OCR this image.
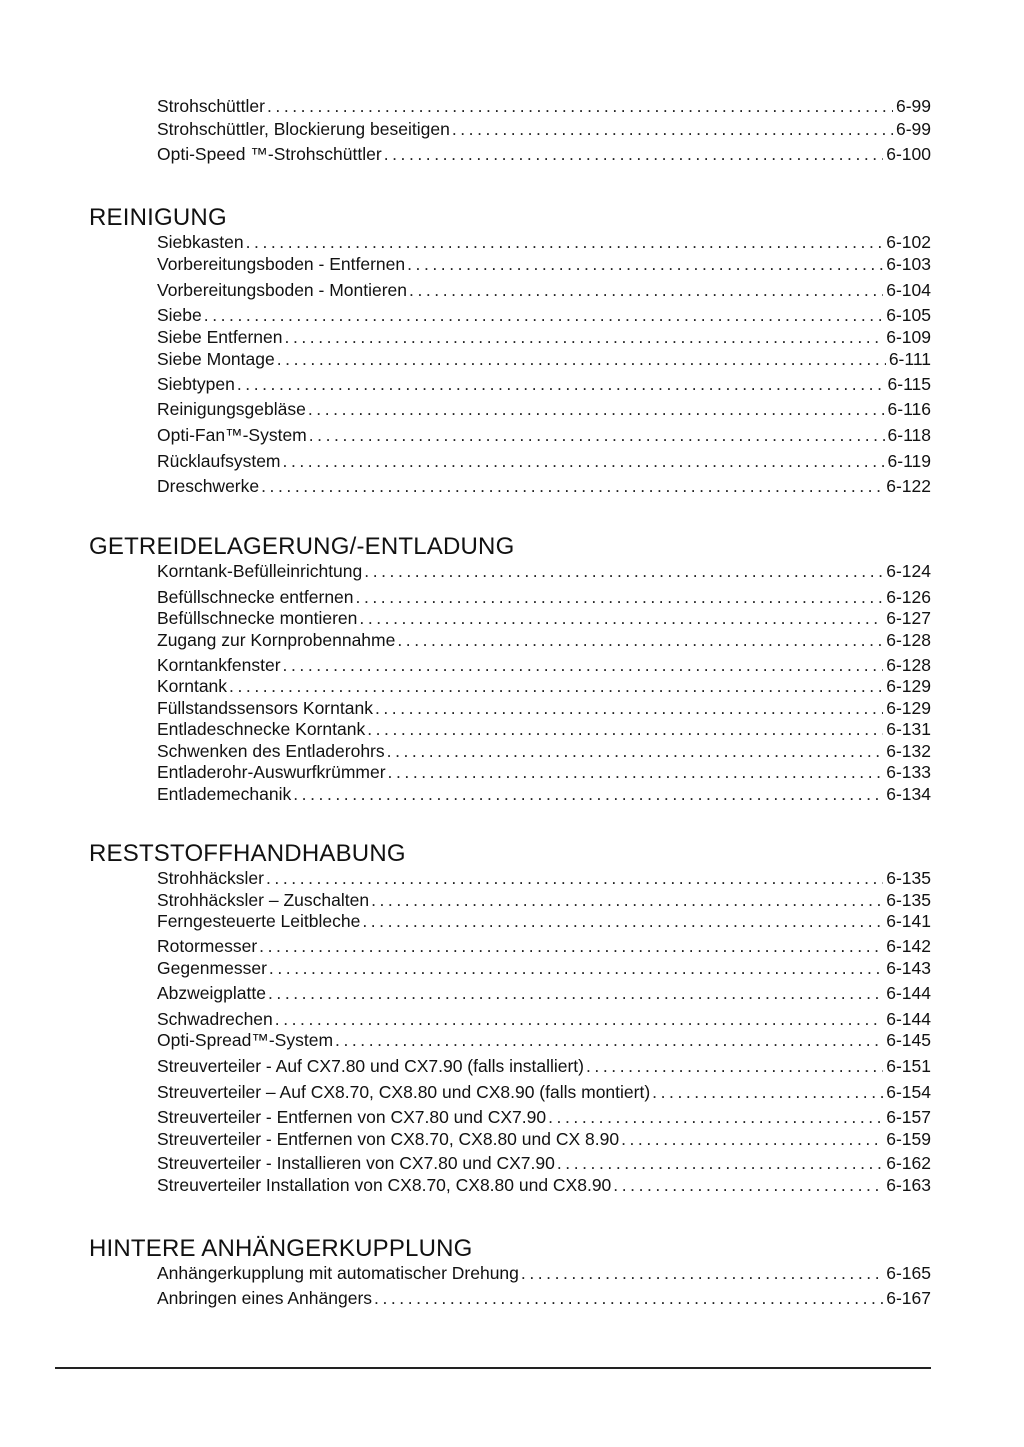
Strohschüttler . . .	6-99
Strohschüttler, Blockierung beseitigen . . .	6-99
Opti-Speed ™-Strohschüttler . . .	6-100
REINIGUNG
Siebkasten . . .	6-102
Vorbereitungsboden - Entfernen . . .	6-103
Vorbereitungsboden - Montieren . . .	6-104
Siebe . . .	6-105
Siebe Entfernen . . .	6-109
Siebe Montage . . .	6-111
Siebtypen . . .	6-115
Reinigungsgebläse . . .	6-116
Opti-Fan™-System . . .	6-118
Rücklaufsystem . . .	6-119
Dreschwerke . . .	6-122
GETREIDELAGERUNG/-ENTLADUNG
Korntank-Befülleinrichtung . . .	6-124
Befüllschnecke entfernen . . .	6-126
Befüllschnecke montieren . . .	6-127
Zugang zur Kornprobennahme . . .	6-128
Korntankfenster . . .	6-128
Korntank . . .	6-129
Füllstandssensors Korntank . . .	6-129
Entladeschnecke Korntank . . .	6-131
Schwenken des Entladerohrs . . .	6-132
Entladerohr-Auswurfkrümmer . . .	6-133
Entlademechanik . . .	6-134
RESTSTOFFHANDHABUNG
Strohhäcksler . . .	6-135
Strohhäcksler – Zuschalten . . .	6-135
Ferngesteuerte Leitbleche . . .	6-141
Rotormesser . . .	6-142
Gegenmesser . . .	6-143
Abzweigplatte . . .	6-144
Schwadrechen . . .	6-144
Opti-Spread™-System . . .	6-145
Streuverteiler - Auf CX7.80 und CX7.90 (falls installiert) . . .	6-151
Streuverteiler – Auf CX8.70, CX8.80 und CX8.90 (falls montiert) . . .	6-154
Streuverteiler - Entfernen von CX7.80 und CX7.90 . . .	6-157
Streuverteiler - Entfernen von CX8.70, CX8.80 und CX 8.90 . . .	6-159
Streuverteiler - Installieren von CX7.80 und CX7.90 . . .	6-162
Streuverteiler Installation von CX8.70, CX8.80 und CX8.90 . . .	6-163
HINTERE ANHÄNGERKUPPLUNG
Anhängerkupplung mit automatischer Drehung . . .	6-165
Anbringen eines Anhängers . . .	6-167
